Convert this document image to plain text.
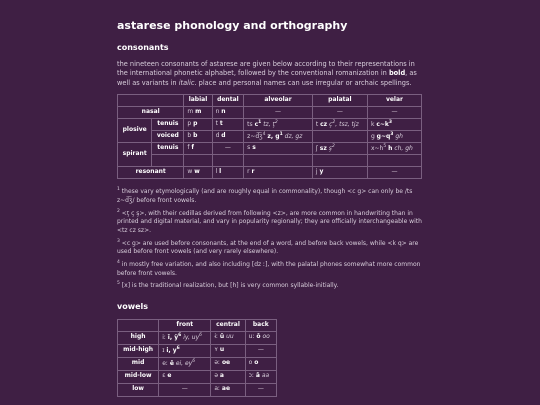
astarese phonology and orthography
consonants

the nineteen consonants of astarese are given below according to their representations in the international phonetic alphabet, followed by the conventional romanization in bold, as well as variants in italic. place and personal names can use irregular or archaic spellings.

		labial	dental	alveolar	palatal	velar
nasal		m m	n n	—	—	—
plosive	tenuis	p p	t t	ts $c^1$ tz, $ţ^2$	t cz $ç^2$, tsz, tjz	k $c\sim k^3$
	voiced	b b	d d	z~d͡ʒ$^4$ z, $g^1$ dz, gz		g $g\sim q^3$ gh
spirant	tenuis	f f	—	s s	ʃ sz $ş^2$	$x\sim h^5$ h ch, gh

resonant		w w	l l	r r	j y	—

$^1$ these vary etymologically (and are roughly equal in commonality), though <c g> can only be /ts z~d͡ʒ/ before front vowels.

$^2$ <ţ ç ş>, with their cedillas derived from following <z>, are more common in handwriting than in printed and digital material, and vary in popularity regionally; they are officially interchangeable with <tz cz sz>.

$^3$ <c g> are used before consonants, at the end of a word, and before back vowels, while <k q> are used before front vowels (and very rarely elsewhere).

$^4$ in mostly free variation, and also including [dz ː], with the palatal phones somewhat more common before front vowels.

$^5$ [x] is the traditional realization, but [h] is very common syllable-initially.

vowels
	front	central	back
high	iː ī, $ÿ^6$ iy, $uy^6$	ɨː ū uu	uː ō oo
mid-high	ɪ i, $y^6$	ʏ u	—
mid	eː ē ei, $ey^6$	əː oe	o o
mid-low	ɛ e	ə a	ɔː ā aa
low	—	aː ae	—
